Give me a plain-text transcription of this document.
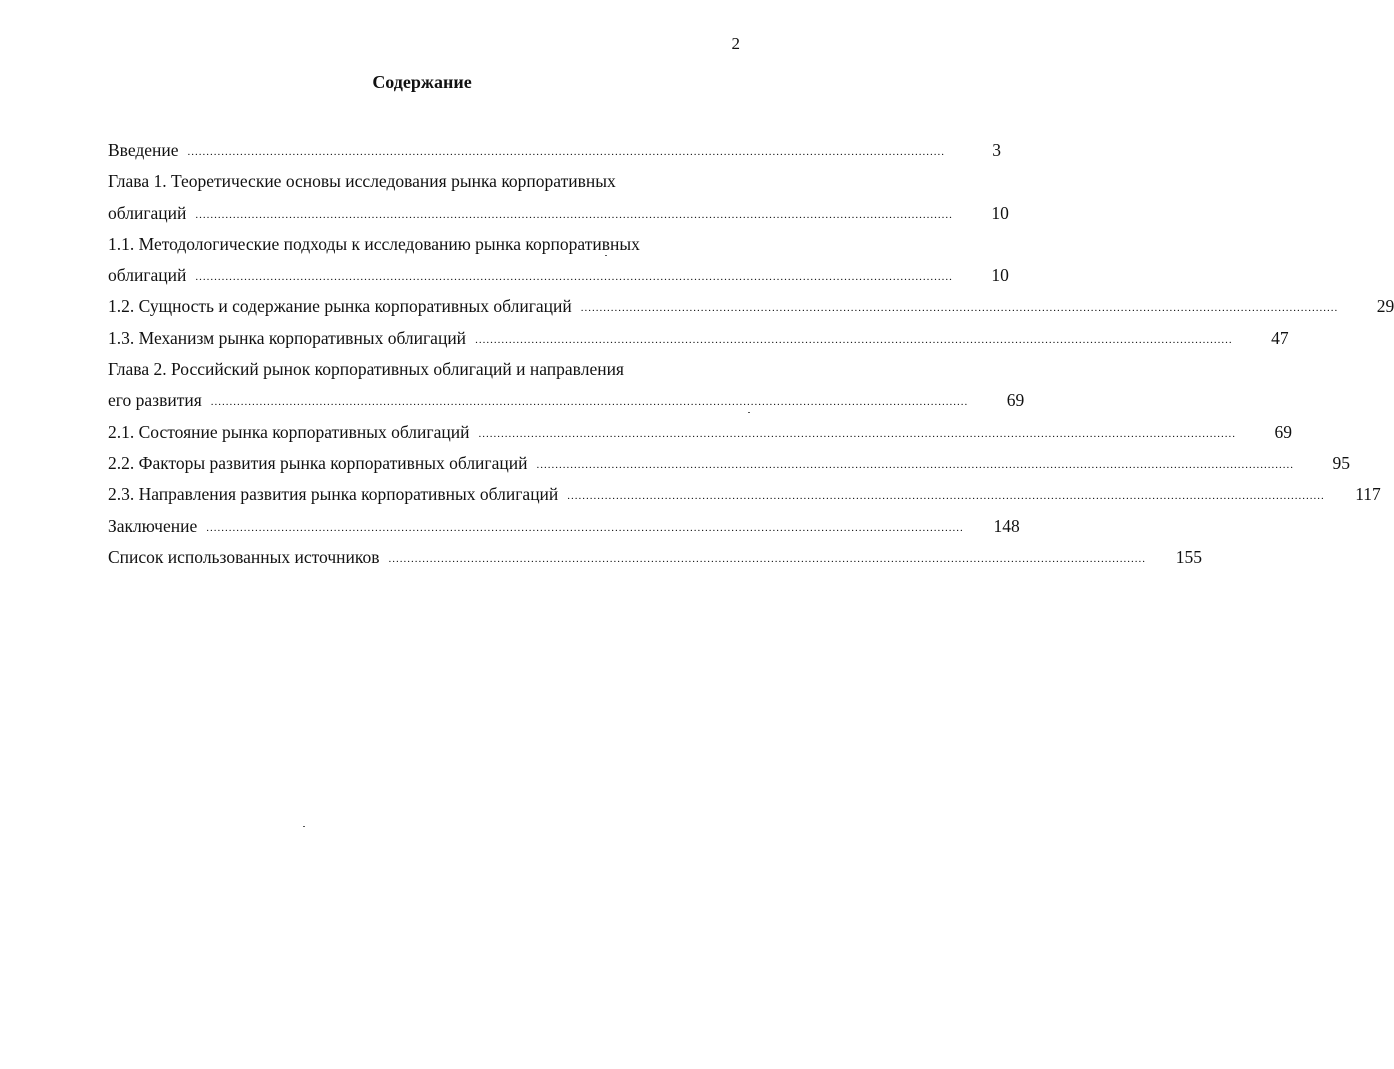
2
Содержание
Введение ..........................................................................................................................................................................................................	3
Глава 1. Теоретические основы исследования рынка корпоративных
облигаций ..........................................................................................................................................................................................................	10
1.1. Методологические подходы к исследованию рынка корпоративных
облигаций ..........................................................................................................................................................................................................	10
1.2. Сущность и содержание рынка корпоративных облигаций ..........................................................................................................................................................................................................	29
1.3. Механизм рынка корпоративных облигаций ..........................................................................................................................................................................................................	47
Глава 2. Российский рынок корпоративных облигаций и направления
его развития ..........................................................................................................................................................................................................	69
2.1. Состояние рынка корпоративных облигаций ..........................................................................................................................................................................................................	69
2.2. Факторы развития рынка корпоративных облигаций ..........................................................................................................................................................................................................	95
2.3. Направления развития рынка корпоративных облигаций ..........................................................................................................................................................................................................	117
Заключение ..........................................................................................................................................................................................................	148
Список использованных источников ..........................................................................................................................................................................................................	155
